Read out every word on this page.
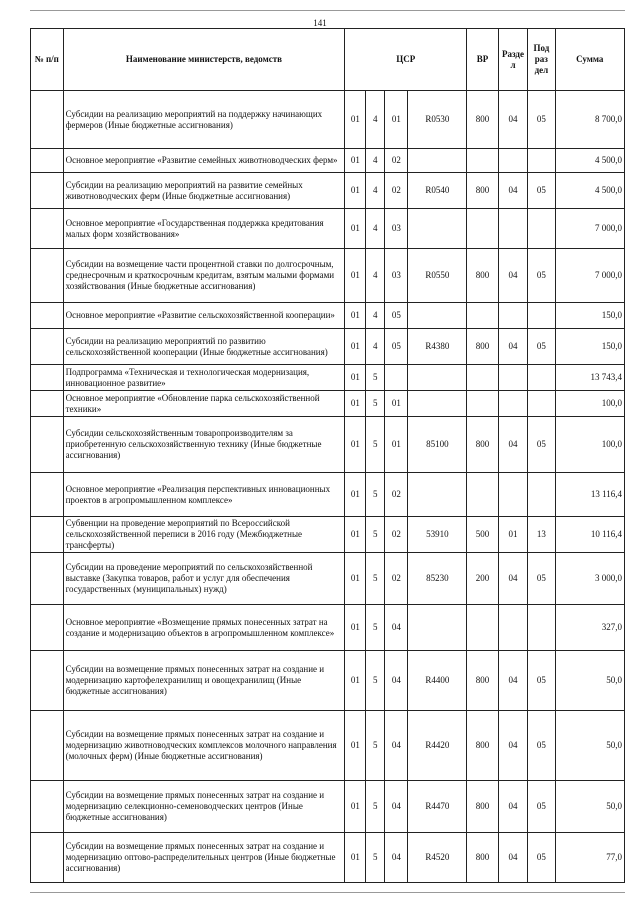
141
№ п/п	Наименование министерств, ведомств	ЦСР				ВР	Разде л	Под раз дел	Сумма
	Субсидии на реализацию мероприятий на поддержку начинающих фермеров (Иные бюджетные ассигнования)	01	4	01	R0530	800	04	05	8 700,0
	Основное мероприятие «Развитие семейных животноводческих ферм»	01	4	02					4 500,0
	Субсидии на реализацию мероприятий на развитие семейных животноводческих ферм (Иные бюджетные ассигнования)	01	4	02	R0540	800	04	05	4 500,0
	Основное мероприятие «Государственная поддержка кредитования малых форм хозяйствования»	01	4	03					7 000,0
	Субсидии на возмещение части процентной ставки по долгосрочным, среднесрочным и краткосрочным кредитам, взятым малыми формами хозяйствования (Иные бюджетные ассигнования)	01	4	03	R0550	800	04	05	7 000,0
	Основное мероприятие «Развитие сельскохозяйственной кооперации»	01	4	05					150,0
	Субсидии на реализацию мероприятий по развитию сельскохозяйственной кооперации (Иные бюджетные ассигнования)	01	4	05	R4380	800	04	05	150,0
	Подпрограмма «Техническая и технологическая модернизация, инновационное развитие»	01	5						13 743,4
	Основное мероприятие «Обновление парка сельскохозяйственной техники»	01	5	01					100,0
	Субсидии сельскохозяйственным товаропроизводителям за приобретенную сельскохозяйственную технику (Иные бюджетные ассигнования)	01	5	01	85100	800	04	05	100,0
	Основное мероприятие «Реализация перспективных инновационных проектов в агропромышленном комплексе»	01	5	02					13 116,4
	Субвенции на проведение мероприятий по Всероссийской сельскохозяйственной переписи в 2016 году (Межбюджетные трансферты)	01	5	02	53910	500	01	13	10 116,4
	Субсидии на проведение мероприятий по сельскохозяйственной выставке (Закупка товаров, работ и услуг для обеспечения государственных (муниципальных) нужд)	01	5	02	85230	200	04	05	3 000,0
	Основное мероприятие «Возмещение прямых понесенных затрат на создание и модернизацию объектов в агропромышленном комплексе»	01	5	04					327,0
	Субсидии на возмещение прямых понесенных затрат на создание и модернизацию картофелехранилищ и овощехранилищ (Иные бюджетные ассигнования)	01	5	04	R4400	800	04	05	50,0
	Субсидии на возмещение прямых понесенных затрат на создание и модернизацию животноводческих комплексов молочного направления (молочных ферм) (Иные бюджетные ассигнования)	01	5	04	R4420	800	04	05	50,0
	Субсидии на возмещение прямых понесенных затрат на создание и модернизацию селекционно-семеноводческих центров (Иные бюджетные ассигнования)	01	5	04	R4470	800	04	05	50,0
	Субсидии на возмещение прямых понесенных затрат на создание и модернизацию оптово-распределительных центров (Иные бюджетные ассигнования)	01	5	04	R4520	800	04	05	77,0
